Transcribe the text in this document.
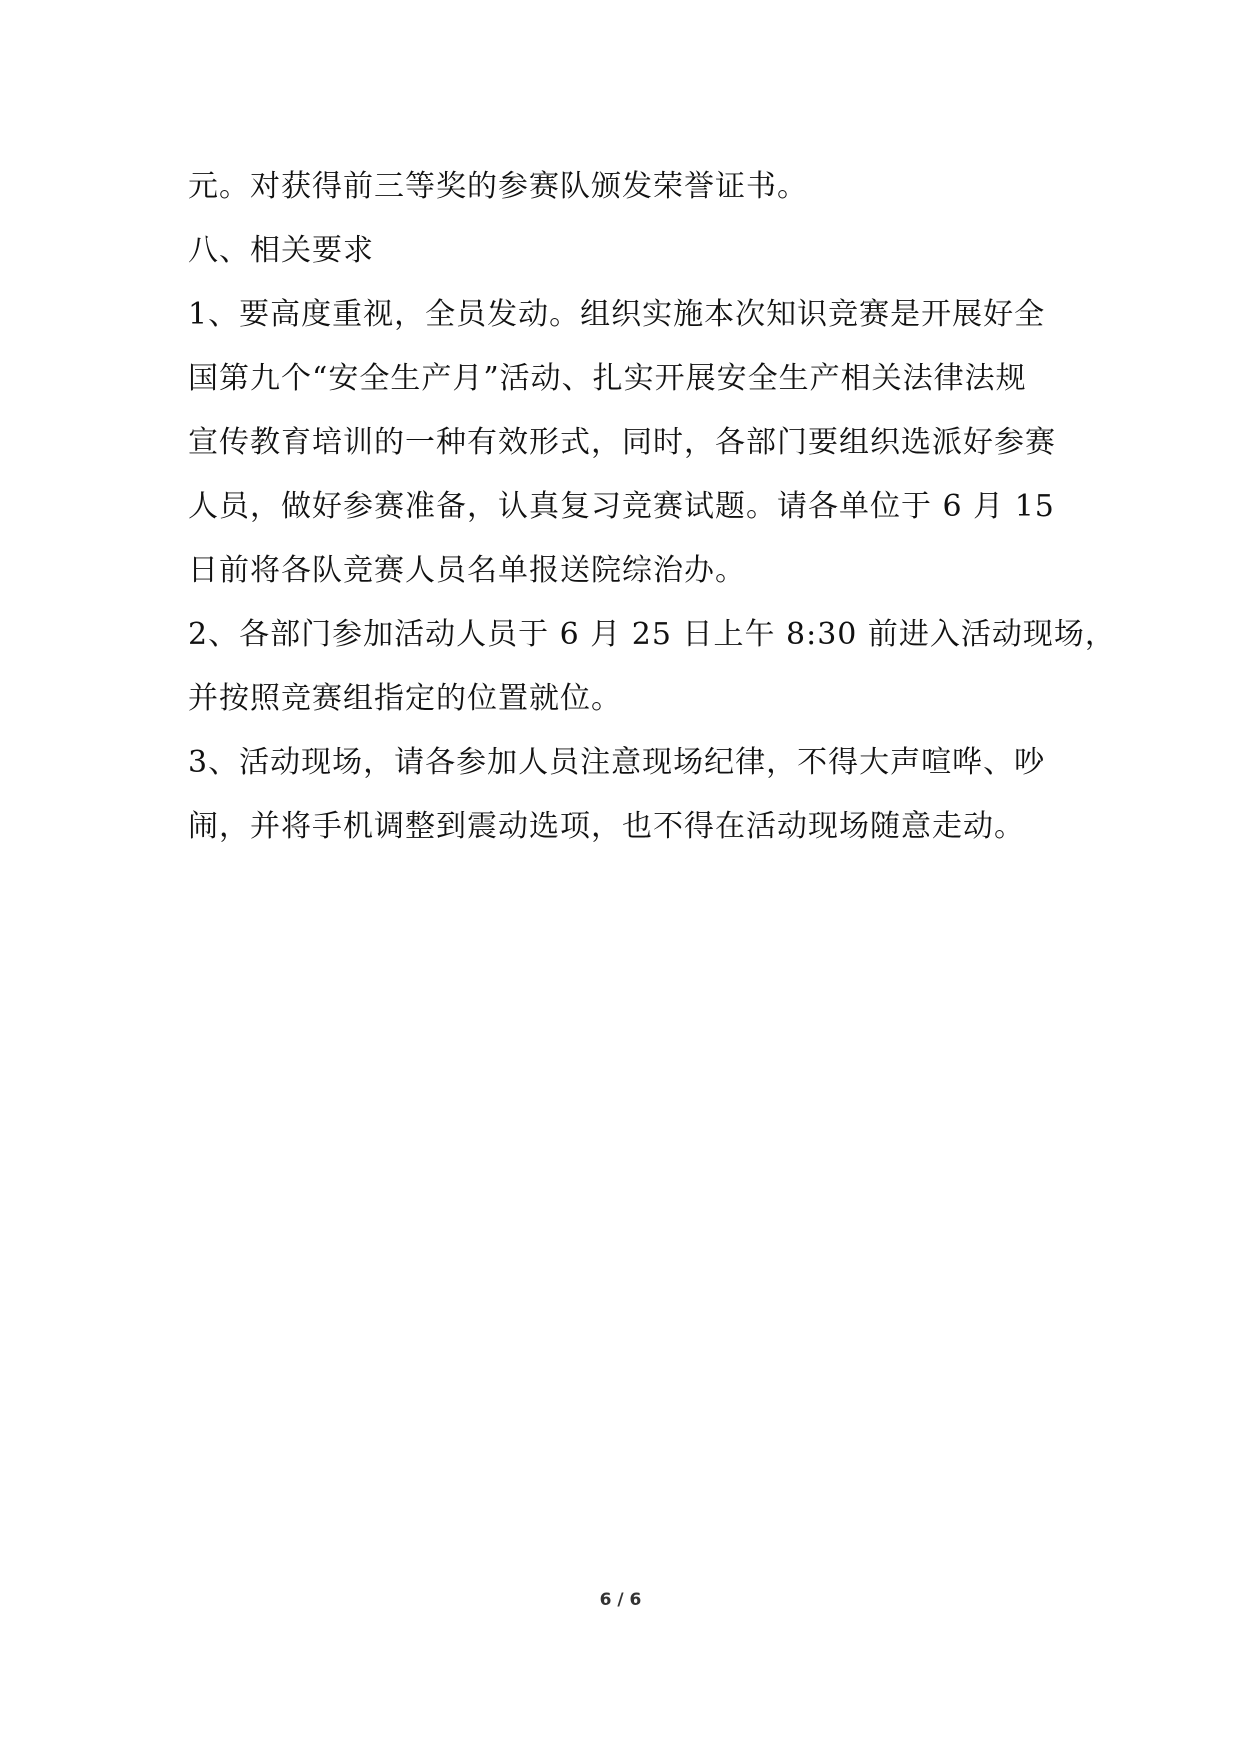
元。对获得前三等奖的参赛队颁发荣誉证书。
八、相关要求
1、要高度重视，全员发动。组织实施本次知识竞赛是开展好全
国第九个“安全生产月”活动、扎实开展安全生产相关法律法规
宣传教育培训的一种有效形式，同时，各部门要组织选派好参赛
人员，做好参赛准备，认真复习竞赛试题。请各单位于 6 月 15
日前将各队竞赛人员名单报送院综治办。
2、各部门参加活动人员于 6 月 25 日上午 8:30 前进入活动现场，
并按照竞赛组指定的位置就位。
3、活动现场，请各参加人员注意现场纪律，不得大声喧哗、吵
闹，并将手机调整到震动选项，也不得在活动现场随意走动。
6 / 6
